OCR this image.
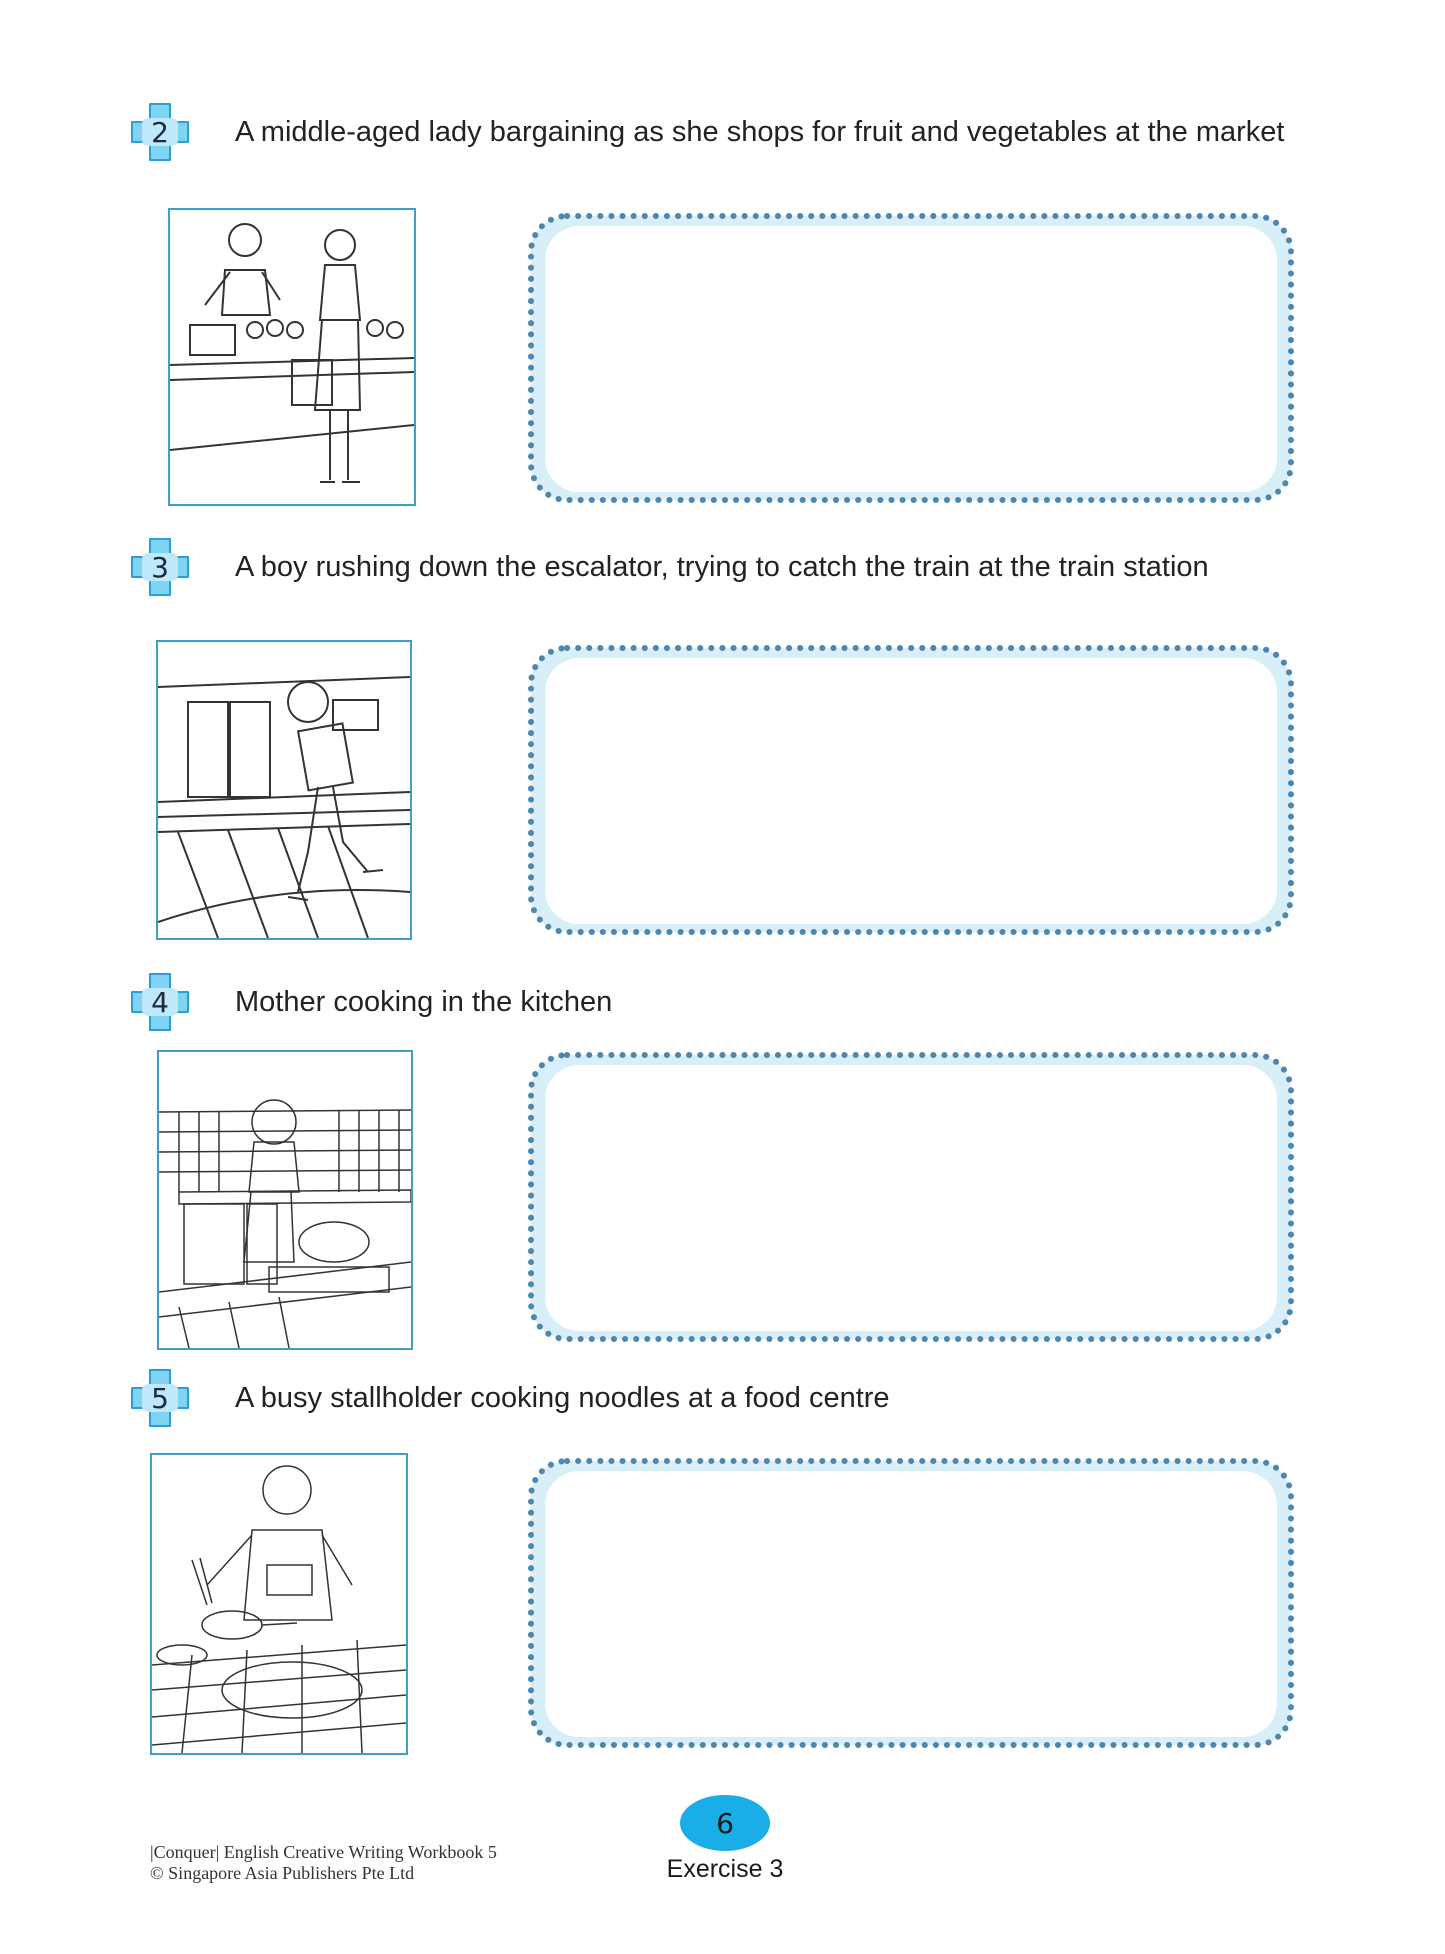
2	A middle-aged lady bargaining as she shops for fruit and vegetables at the market
3	A boy rushing down the escalator, trying to catch the train at the train station
4	Mother cooking in the kitchen
5	A busy stallholder cooking noodles at a food centre
6
Exercise 3
|Conquer| English Creative Writing Workbook 5
© Singapore Asia Publishers Pte Ltd
